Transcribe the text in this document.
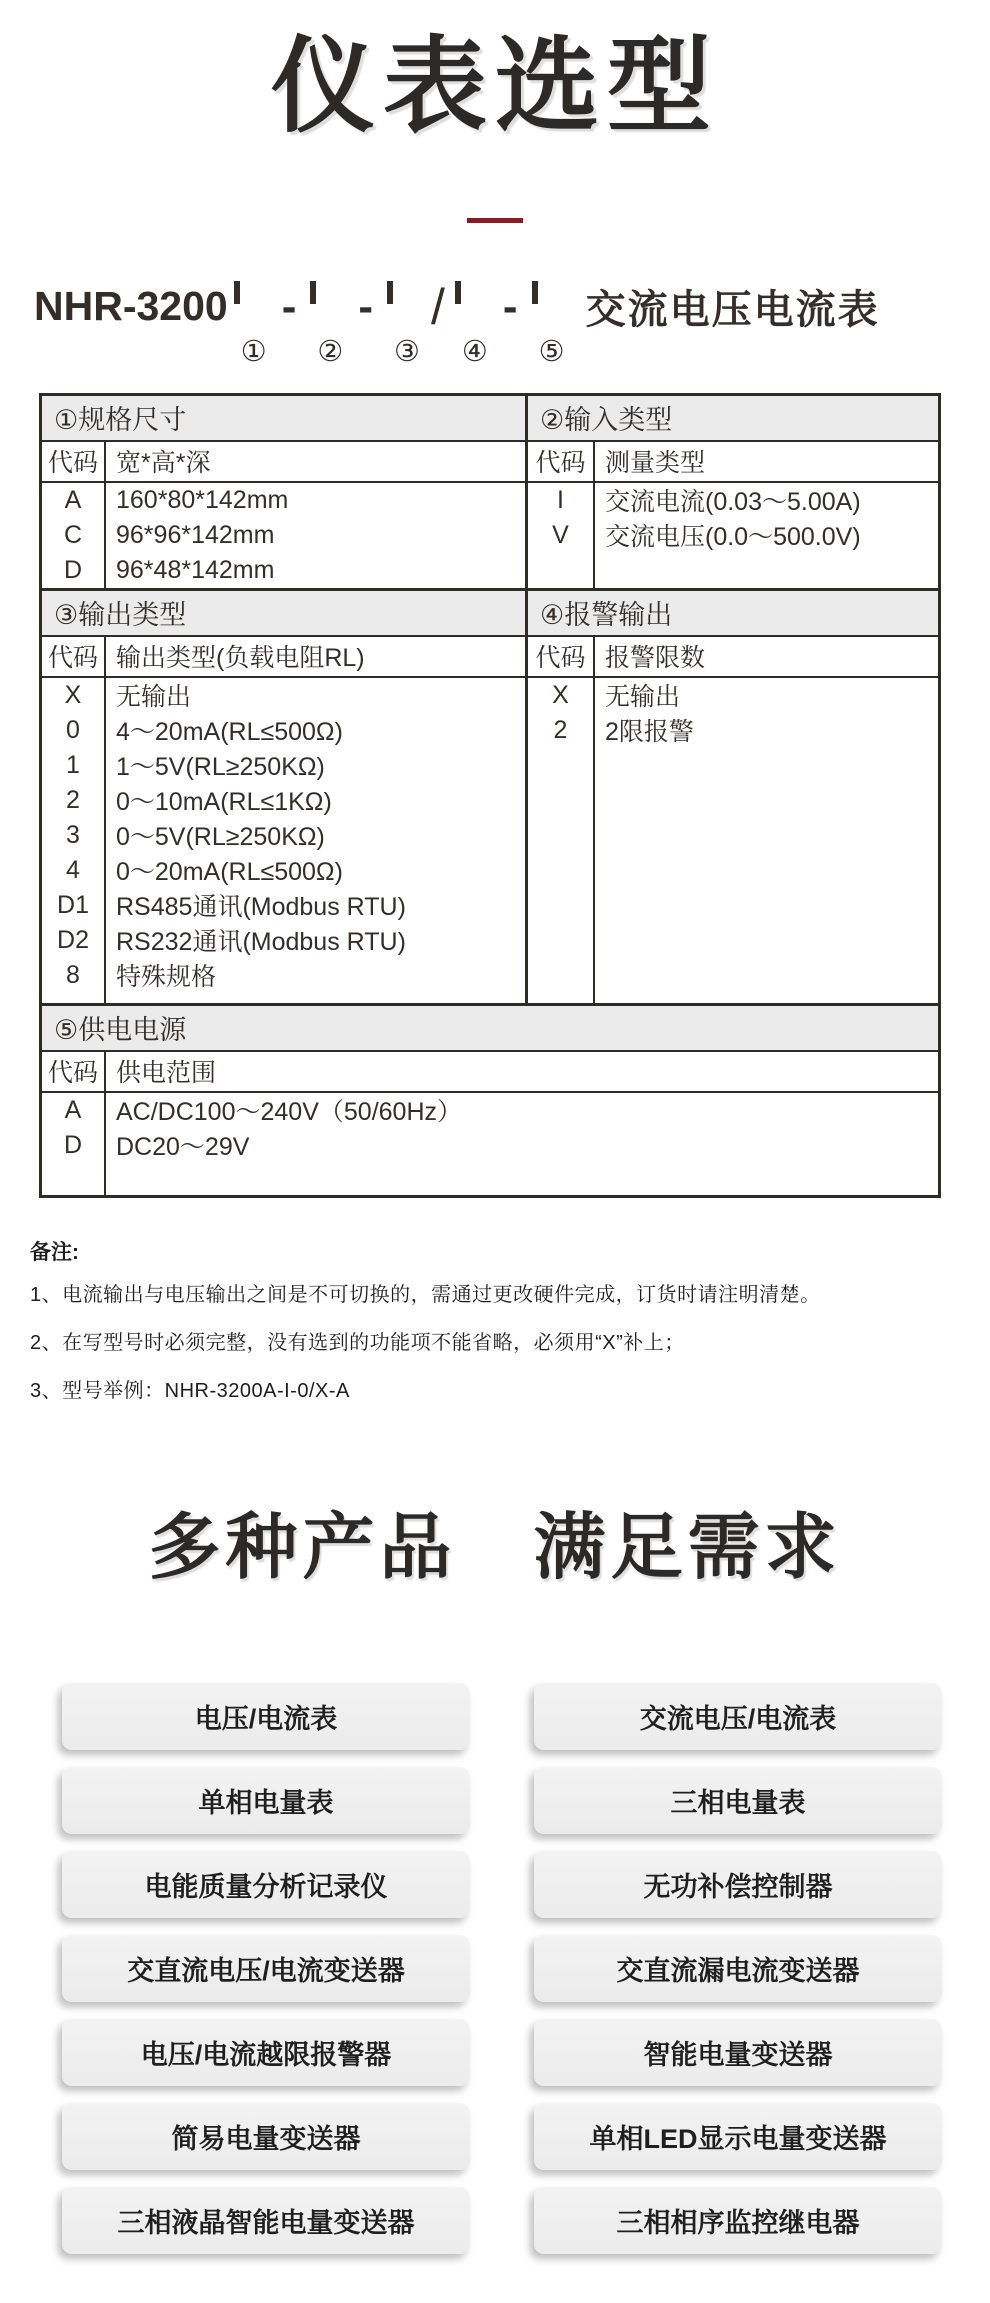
仪表选型
NHR-3200
①
-
②
-
③
/
④
-
⑤
交流电压电流表
①规格尺寸
代码 宽*高*深
A	160*80*142mm
C	96*96*142mm
D	96*48*142mm
②输入类型
代码 测量类型
I	交流电流(0.03～5.00A)
V	交流电压(0.0～500.0V)
③输出类型
代码 输出类型(负载电阻RL)
X	无输出
0	4～20mA(RL≤500Ω)
1	1～5V(RL≥250KΩ)
2	0～10mA(RL≤1KΩ)
3	0～5V(RL≥250KΩ)
4	0～20mA(RL≤500Ω)
D1	RS485通讯(Modbus RTU)
D2	RS232通讯(Modbus RTU)
8	特殊规格
④报警输出
代码 报警限数
X	无输出
2	2限报警
⑤供电电源
代码 供电范围
A	AC/DC100～240V（50/60Hz）
D	DC20～29V
备注:
1、电流输出与电压输出之间是不可切换的，需通过更改硬件完成，订货时请注明清楚。
2、在写型号时必须完整，没有选到的功能项不能省略，必须用“X”补上；
3、型号举例：NHR-3200A-I-0/X-A
多种产品　满足需求
电压/电流表	交流电压/电流表
单相电量表	三相电量表
电能质量分析记录仪	无功补偿控制器
交直流电压/电流变送器	交直流漏电流变送器
电压/电流越限报警器	智能电量变送器
简易电量变送器	单相LED显示电量变送器
三相液晶智能电量变送器	三相相序监控继电器
